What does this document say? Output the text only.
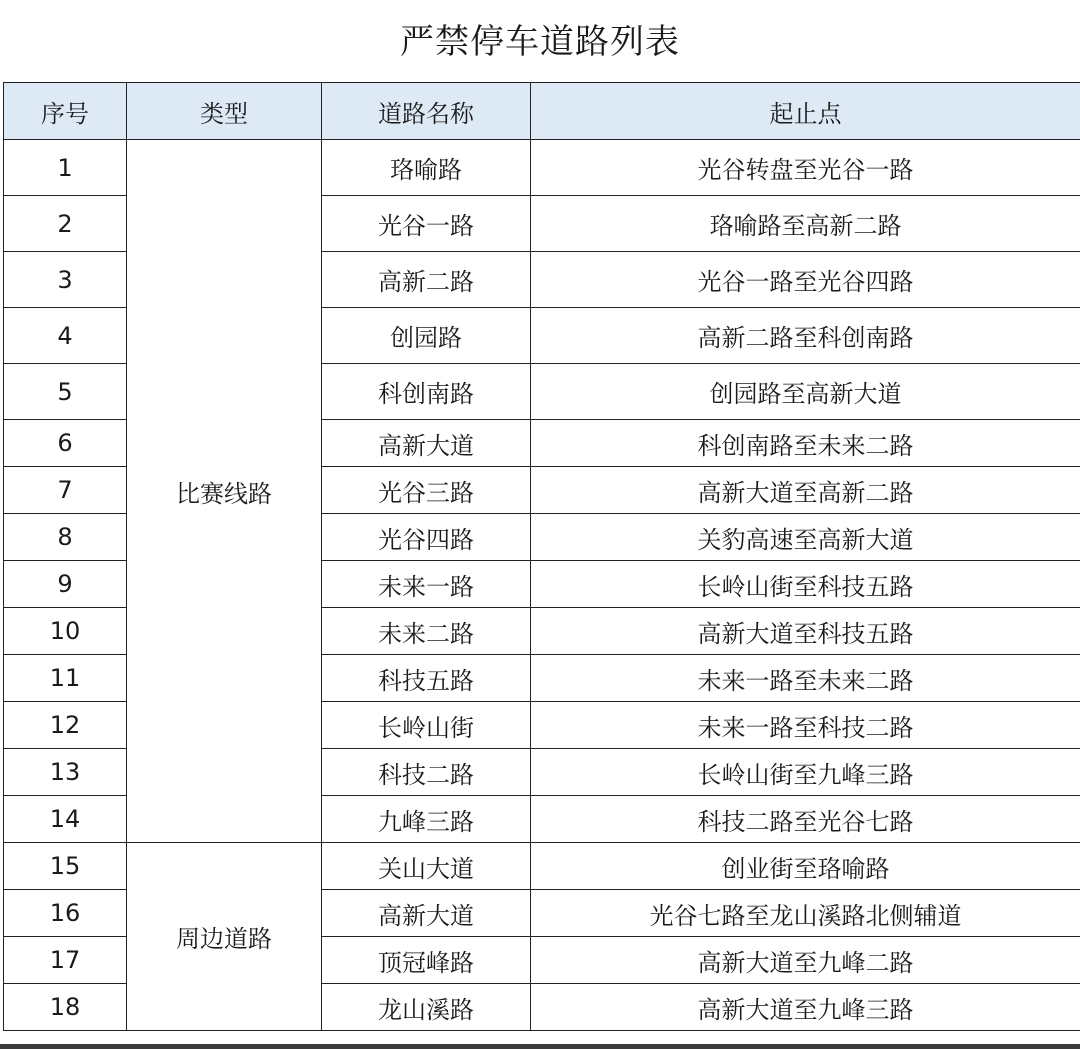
严禁停车道路列表
序号	类型	道路名称	起止点
1	比赛线路	珞喻路	光谷转盘至光谷一路
2		光谷一路	珞喻路至高新二路
3		高新二路	光谷一路至光谷四路
4		创园路	高新二路至科创南路
5		科创南路	创园路至高新大道
6		高新大道	科创南路至未来二路
7		光谷三路	高新大道至高新二路
8		光谷四路	关豹高速至高新大道
9		未来一路	长岭山街至科技五路
10		未来二路	高新大道至科技五路
11		科技五路	未来一路至未来二路
12		长岭山街	未来一路至科技二路
13		科技二路	长岭山街至九峰三路
14		九峰三路	科技二路至光谷七路
15	周边道路	关山大道	创业街至珞喻路
16		高新大道	光谷七路至龙山溪路北侧辅道
17		顶冠峰路	高新大道至九峰二路
18		龙山溪路	高新大道至九峰三路
